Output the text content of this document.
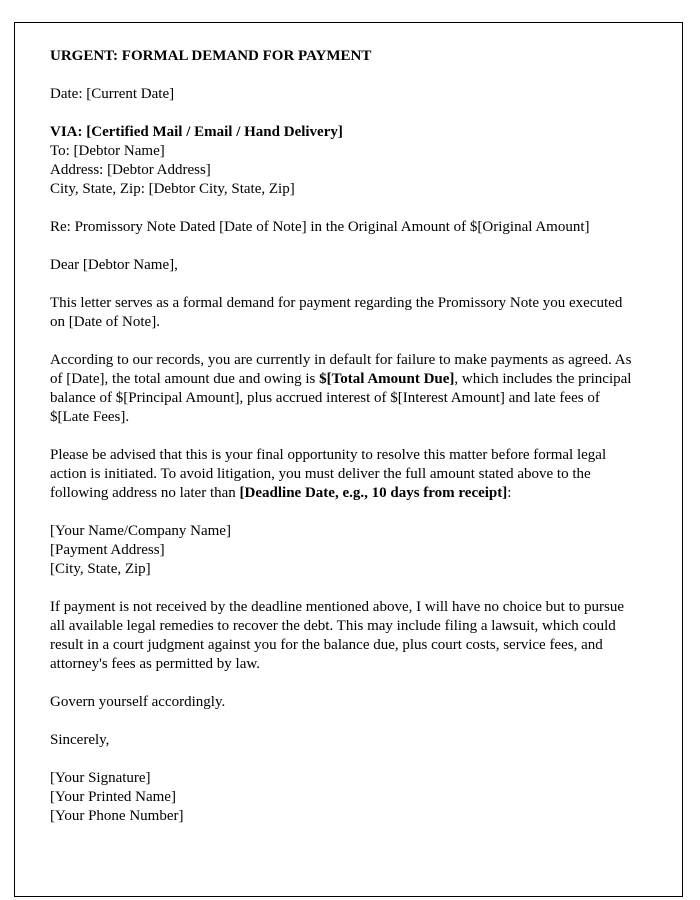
URGENT: FORMAL DEMAND FOR PAYMENT
Date: [Current Date]
VIA: [Certified Mail / Email / Hand Delivery]
To: [Debtor Name]
Address: [Debtor Address]
City, State, Zip: [Debtor City, State, Zip]
Re: Promissory Note Dated [Date of Note] in the Original Amount of $[Original Amount]
Dear [Debtor Name],
This letter serves as a formal demand for payment regarding the Promissory Note you executed on [Date of Note].
According to our records, you are currently in default for failure to make payments as agreed. As of [Date], the total amount due and owing is $[Total Amount Due], which includes the principal balance of $[Principal Amount], plus accrued interest of $[Interest Amount] and late fees of $[Late Fees].
Please be advised that this is your final opportunity to resolve this matter before formal legal action is initiated. To avoid litigation, you must deliver the full amount stated above to the following address no later than [Deadline Date, e.g., 10 days from receipt]:
[Your Name/Company Name]
[Payment Address]
[City, State, Zip]
If payment is not received by the deadline mentioned above, I will have no choice but to pursue all available legal remedies to recover the debt. This may include filing a lawsuit, which could result in a court judgment against you for the balance due, plus court costs, service fees, and attorney's fees as permitted by law.
Govern yourself accordingly.
Sincerely,
[Your Signature]
[Your Printed Name]
[Your Phone Number]
